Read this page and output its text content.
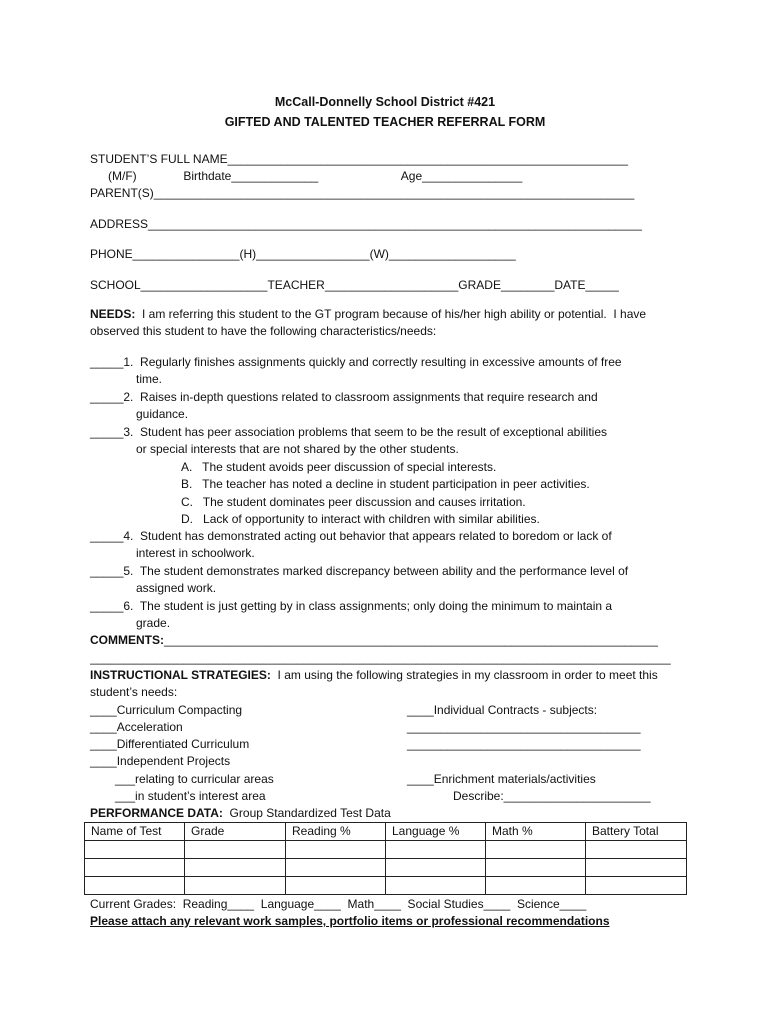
McCall-Donnelly School District #421
GIFTED AND TALENTED TEACHER REFERRAL FORM
STUDENT’S FULL NAME____________________________________________________________
(M/F)              Birthdate_____________                         Age_______________
PARENT(S)________________________________________________________________________
ADDRESS__________________________________________________________________________
PHONE________________(H)_________________(W)___________________
SCHOOL___________________TEACHER____________________GRADE________DATE_____
NEEDS:  I am referring this student to the GT program because of his/her high ability or potential.  I have
observed this student to have the following characteristics/needs:
_____1.  Regularly finishes assignments quickly and correctly resulting in excessive amounts of free
time.
_____2.  Raises in-depth questions related to classroom assignments that require research and
guidance.
_____3.  Student has peer association problems that seem to be the result of exceptional abilities
or special interests that are not shared by the other students.
A. The student avoids peer discussion of special interests.
B. The teacher has noted a decline in student participation in peer activities.
C. The student dominates peer discussion and causes irritation.
D. Lack of opportunity to interact with children with similar abilities.
_____4.  Student has demonstrated acting out behavior that appears related to boredom or lack of
interest in schoolwork.
_____5.  The student demonstrates marked discrepancy between ability and the performance level of
assigned work.
_____6.  The student is just getting by in class assignments; only doing the minimum to maintain a
grade.
COMMENTS:__________________________________________________________________________
_______________________________________________________________________________________
INSTRUCTIONAL STRATEGIES:  I am using the following strategies in my classroom in order to meet this
student’s needs:
____Curriculum Compacting
____Acceleration
____Differentiated Curriculum
____Independent Projects
___relating to curricular areas
___in student’s interest area
____Individual Contracts - subjects:
___________________________________
___________________________________
____Enrichment materials/activities
Describe:______________________
PERFORMANCE DATA:  Group Standardized Test Data
Name of Test	Grade	Reading %	Language %	Math %	Battery Total

Current Grades:  Reading____  Language____  Math____  Social Studies____  Science____
Please attach any relevant work samples, portfolio items or professional recommendations
